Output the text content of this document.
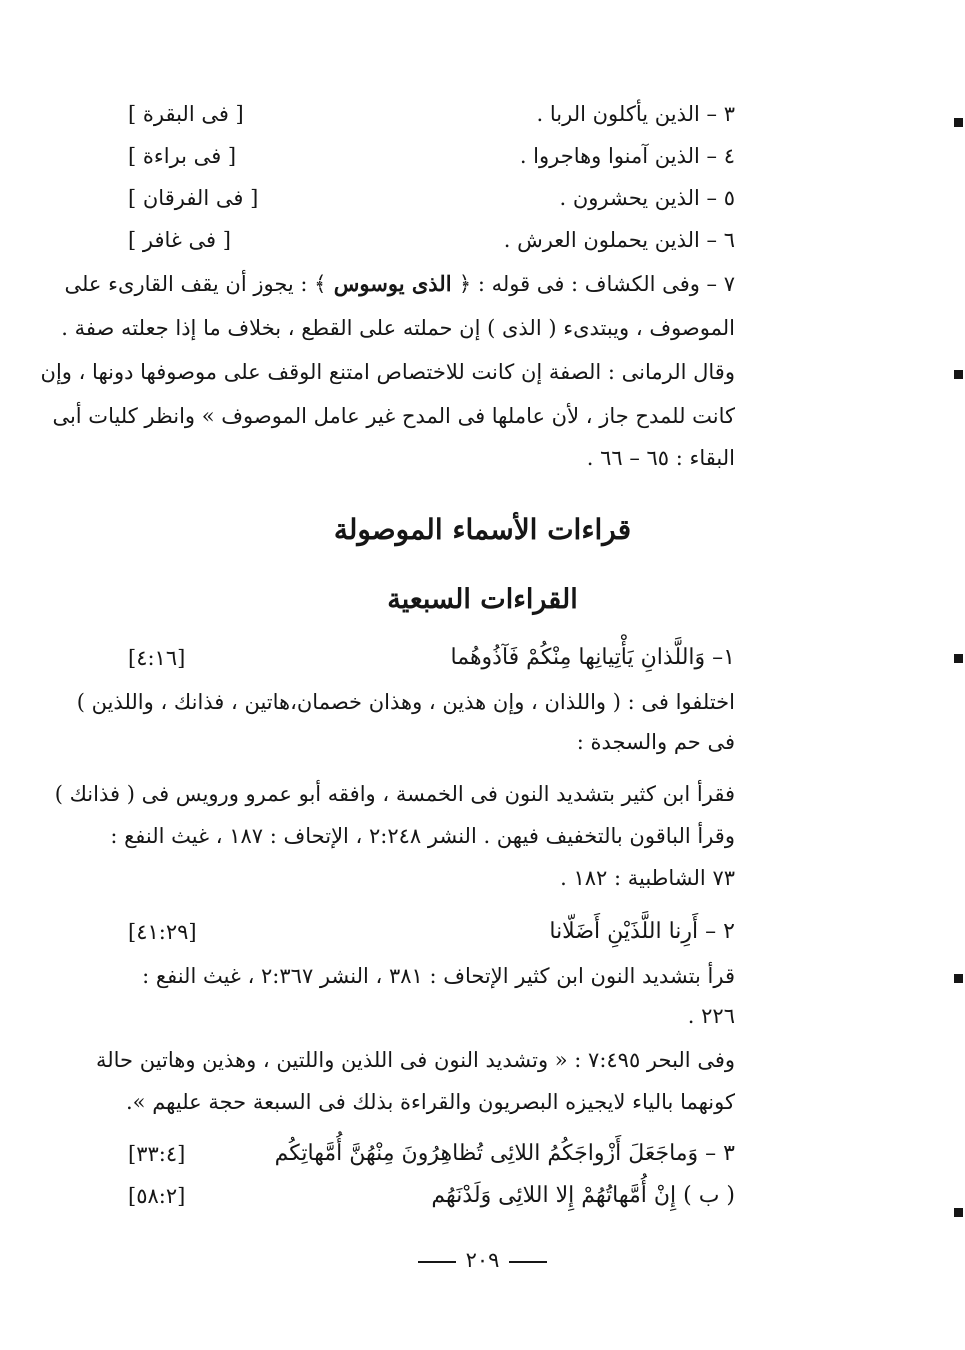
٣ – الذين يأكلون الربا .
[ فى البقرة ]
٤ – الذين آمنوا وهاجروا .
[ فى براءة ]
٥ – الذين يحشرون .
[ فى الفرقان ]
٦ – الذين يحملون العرش .
[ فى غافر ]
٧ – وفى الكشاف : فى قوله : ﴿ الذى يوسوس ﴾ : يجوز أن يقف القارىء على
الموصوف ، ويبتدىء ( الذى ) إن حملته على القطع ، بخلاف ما إذا جعلته صفة .
وقال الرمانى : الصفة إن كانت للاختصاص امتنع الوقف على موصوفها دونها ، وإن
كانت للمدح جاز ، لأن عاملها فى المدح غير عامل الموصوف » وانظر كليات أبى
البقاء : ٦٥ – ٦٦ .
قراءات الأسماء الموصولة
القراءات السبعية
١– وَاللَّذانِ يَأْتِيانِها مِنْكُمْ فَآذُوهُما
[٤:١٦]
اختلفوا فى : ( واللذان ، وإن هذين ، وهذان خصمان،هاتين ، فذانك ، واللذين )
فى حم والسجدة :
فقرأ ابن كثير بتشديد النون فى الخمسة ، وافقه أبو عمرو ورويس فى ( فذانك )
وقرأ الباقون بالتخفيف فيهن . النشر ٢:٢٤٨ ، الإتحاف : ١٨٧ ، غيث النفع :
٧٣ الشاطبية : ١٨٢ .
٢ – أَرِنا اللَّذَيْنِ أَضَلّانا
[٤١:٢٩]
قرأ بتشديد النون ابن كثير الإتحاف : ٣٨١ ، النشر ٢:٣٦٧ ، غيث النفع :
٢٢٦ .
وفى البحر ٧:٤٩٥ : « وتشديد النون فى اللذين واللتين ، وهذين وهاتين حالة
كونهما بالياء لايجيزه البصريون والقراءة بذلك فى السبعة حجة عليهم ».
٣ – وَماجَعَلَ أَزْواجَكُمُ اللائِى تُظاهِرُونَ مِنْهُنَّ أُمَّهاتِكُم
[٣٣:٤]
( ب ) إِنْ أُمَّهاتُهُمْ إِلا اللائِى وَلَدْنَهُم
[٥٨:٢]
٢٠٩
